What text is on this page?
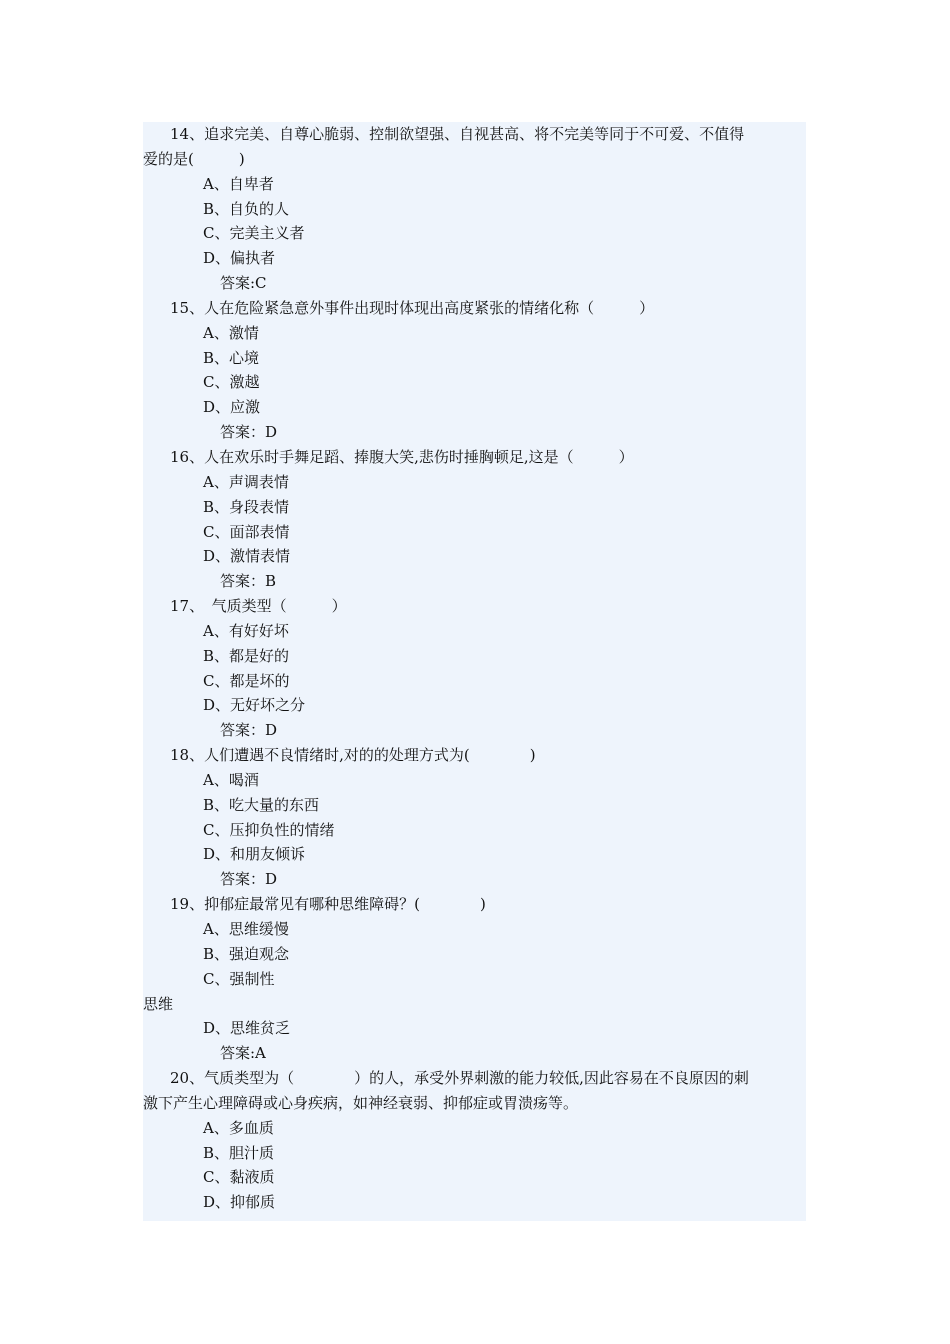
14、追求完美、自尊心脆弱、控制欲望强、自视甚高、将不完美等同于不可爱、不值得
爱的是(　　　)
A、自卑者
B、自负的人
C、完美主义者
D、偏执者
答案:C
15、人在危险紧急意外事件出现时体现出高度紧张的情绪化称（　　　）
A、激情
B、心境
C、激越
D、应激
答案：D
16、人在欢乐时手舞足蹈、捧腹大笑,悲伤时捶胸顿足,这是（　　　）
A、声调表情
B、身段表情
C、面部表情
D、激情表情
答案：B
17、　气质类型（　　　）
A、有好好坏
B、都是好的
C、都是坏的
D、无好坏之分
答案：D
18、人们遭遇不良情绪时,对的的处理方式为(　　　　)
A、喝酒
B、吃大量的东西
C、压抑负性的情绪
D、和朋友倾诉
答案：D
19、抑郁症最常见有哪种思维障碍？(　　　　)
A、思维缓慢
B、强迫观念
C、强制性
思维
D、思维贫乏
答案:A
20、气质类型为（　　　　）的人，承受外界刺激的能力较低,因此容易在不良原因的刺
激下产生心理障碍或心身疾病，如神经衰弱、抑郁症或胃溃疡等。
A、多血质
B、胆汁质
C、黏液质
D、抑郁质
